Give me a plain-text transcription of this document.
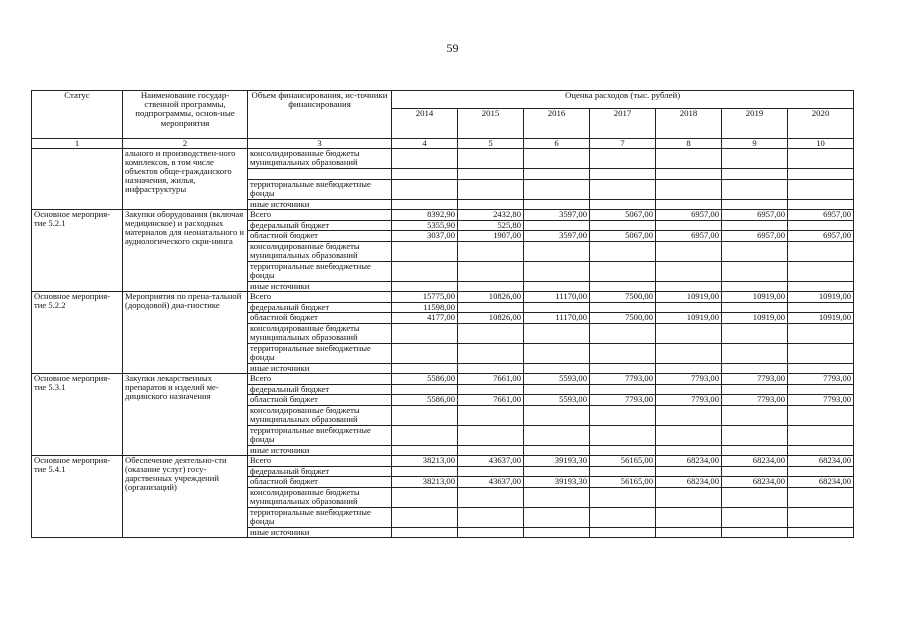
59
Статус	Наименование государ-ственной программы, подпрограммы, основ-ные мероприятия	Объем финансирования, ис-точники финансирования	Оценка расходов (тыс. рублей)						
			2014	2015	2016	2017	2018	2019	2020
1	2	3	4	5	6	7	8	9	10
	ального и производствен-ного комплексов, в том числе объектов обще-гражданского назначения, жилья, инфраструктуры	консолидированные бюджеты муниципальных образований							

		территориальные внебюджетные фонды							
		иные источники							
Основное мероприя-тие 5.2.1	Закупки оборудования (включая медицинское) и расходных материалов для неонатального и аудиологического скри-нинга	Всего	8392,90	2432,80	3597,00	5067,00	6957,00	6957,00	6957,00
		федеральный бюджет	5355,90	525,80					
		областной бюджет	3037,00	1907,00	3597,00	5067,00	6957,00	6957,00	6957,00
		консолидированные бюджеты муниципальных образований							
		территориальные внебюджетные фонды							
		иные источники							
Основное мероприя-тие 5.2.2	Мероприятия по прена-тальной (дородовой) диа-гностике	Всего	15775,00	10826,00	11170,00	7500,00	10919,00	10919,00	10919,00
		федеральный бюджет	11598,00						
		областной бюджет	4177,00	10826,00	11170,00	7500,00	10919,00	10919,00	10919,00
		консолидированные бюджеты муниципальных образований							
		территориальные внебюджетные фонды							
		иные источники							
Основное мероприя-тие 5.3.1	Закупки лекарственных препаратов и изделий ме-дицинского назначения	Всего	5586,00	7661,00	5593,00	7793,00	7793,00	7793,00	7793,00
		федеральный бюджет							
		областной бюджет	5586,00	7661,00	5593,00	7793,00	7793,00	7793,00	7793,00
		консолидированные бюджеты муниципальных образований							
		территориальные внебюджетные фонды							
		иные источники							
Основное мероприя-тие 5.4.1	Обеспечение деятельно-сти (оказание услуг) госу-дарственных учреждений (организаций)	Всего	38213,00	43637,00	39193,30	56165,00	68234,00	68234,00	68234,00
		федеральный бюджет							
		областной бюджет	38213,00	43637,00	39193,30	56165,00	68234,00	68234,00	68234,00
		консолидированные бюджеты муниципальных образований							
		территориальные внебюджетные фонды							
		иные источники							
